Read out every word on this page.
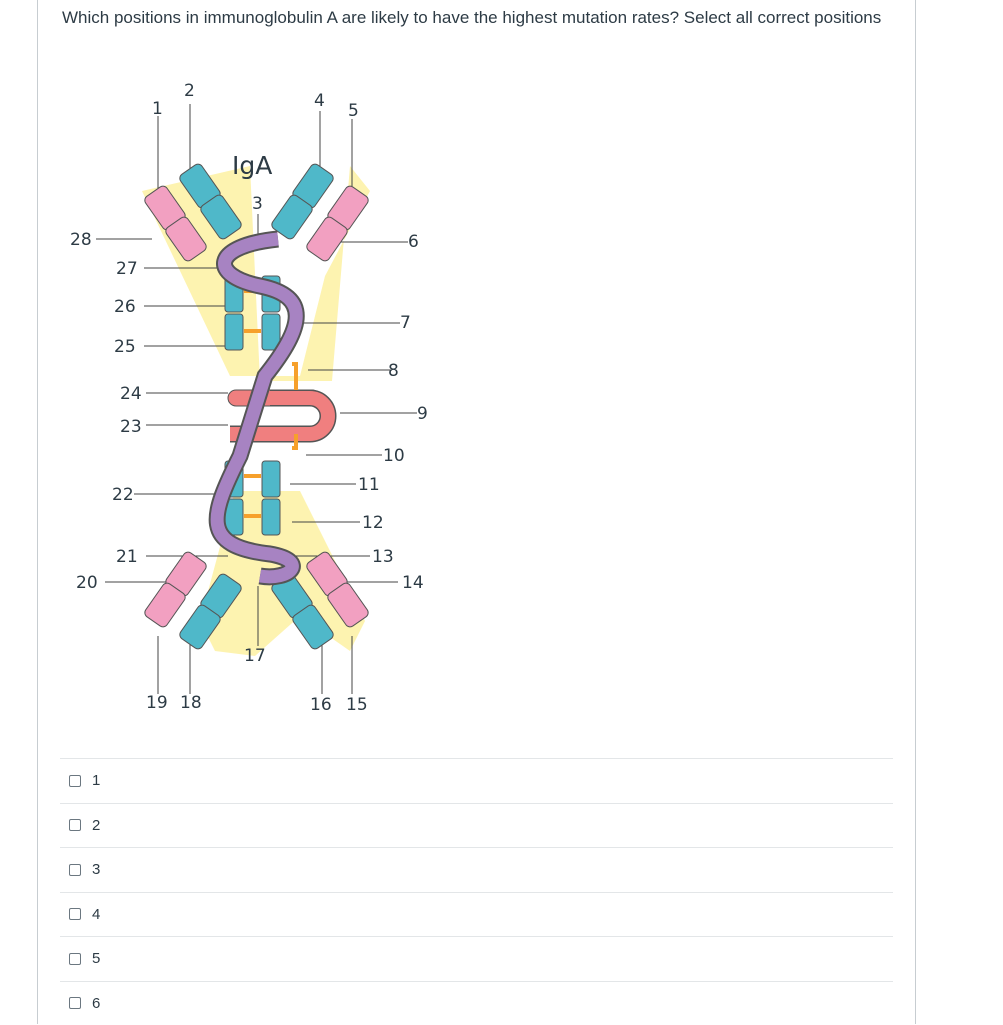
Which positions in immunoglobulin A are likely to have the highest mutation rates? Select all correct positions

IgA
1
2
3
4 5
6
7
8
9
10
11
12
13
14
15
16
17
18
19
20
21
22
23
24
25
26
27
28
1
2
3
4
5
6
